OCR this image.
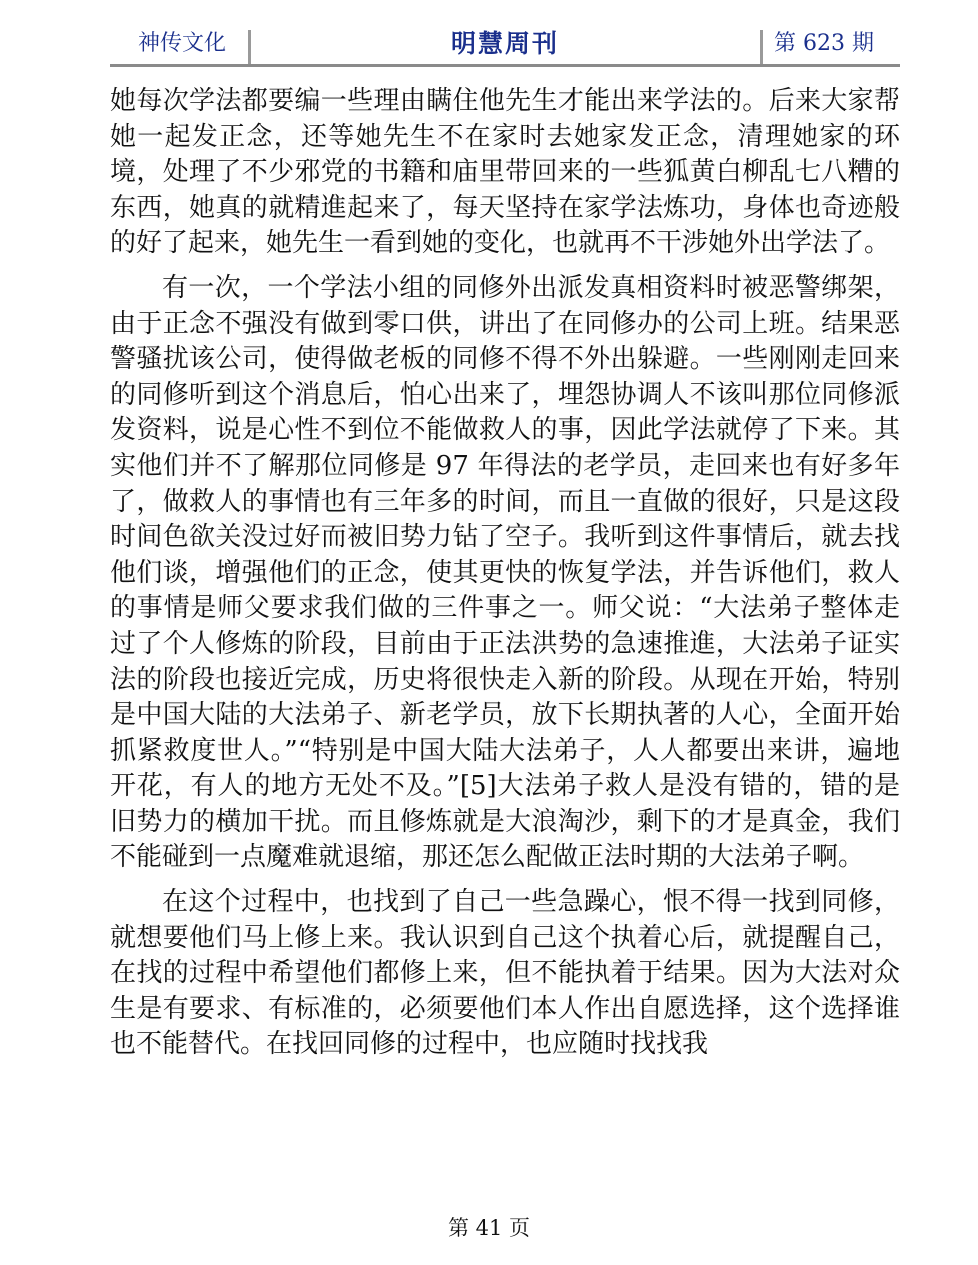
神传文化	明慧周刊	第 623 期

她每次学法都要编一些理由瞒住他先生才能出来学法的。后来大家帮她一起发正念，还等她先生不在家时去她家发正念，清理她家的环境，处理了不少邪党的书籍和庙里带回来的一些狐黄白柳乱七八糟的东西，她真的就精進起来了，每天坚持在家学法炼功，身体也奇迹般的好了起来，她先生一看到她的变化，也就再不干涉她外出学法了。

有一次，一个学法小组的同修外出派发真相资料时被恶警绑架，由于正念不强没有做到零口供，讲出了在同修办的公司上班。结果恶警骚扰该公司，使得做老板的同修不得不外出躲避。一些刚刚走回来的同修听到这个消息后，怕心出来了，埋怨协调人不该叫那位同修派发资料，说是心性不到位不能做救人的事，因此学法就停了下来。其实他们并不了解那位同修是 97 年得法的老学员，走回来也有好多年了，做救人的事情也有三年多的时间，而且一直做的很好，只是这段时间色欲关没过好而被旧势力钻了空子。我听到这件事情后，就去找他们谈，增强他们的正念，使其更快的恢复学法，并告诉他们，救人的事情是师父要求我们做的三件事之一。师父说：“大法弟子整体走过了个人修炼的阶段，目前由于正法洪势的急速推進，大法弟子证实法的阶段也接近完成，历史将很快走入新的阶段。从现在开始，特别是中国大陆的大法弟子、新老学员，放下长期执著的人心，全面开始抓紧救度世人。”“特别是中国大陆大法弟子，人人都要出来讲，遍地开花，有人的地方无处不及。”[5]大法弟子救人是没有错的，错的是旧势力的横加干扰。而且修炼就是大浪淘沙，剩下的才是真金，我们不能碰到一点魔难就退缩，那还怎么配做正法时期的大法弟子啊。

在这个过程中，也找到了自己一些急躁心，恨不得一找到同修，就想要他们马上修上来。我认识到自己这个执着心后，就提醒自己，在找的过程中希望他们都修上来，但不能执着于结果。因为大法对众生是有要求、有标准的，必须要他们本人作出自愿选择，这个选择谁也不能替代。在找回同修的过程中，也应随时找找我

第 41 页
